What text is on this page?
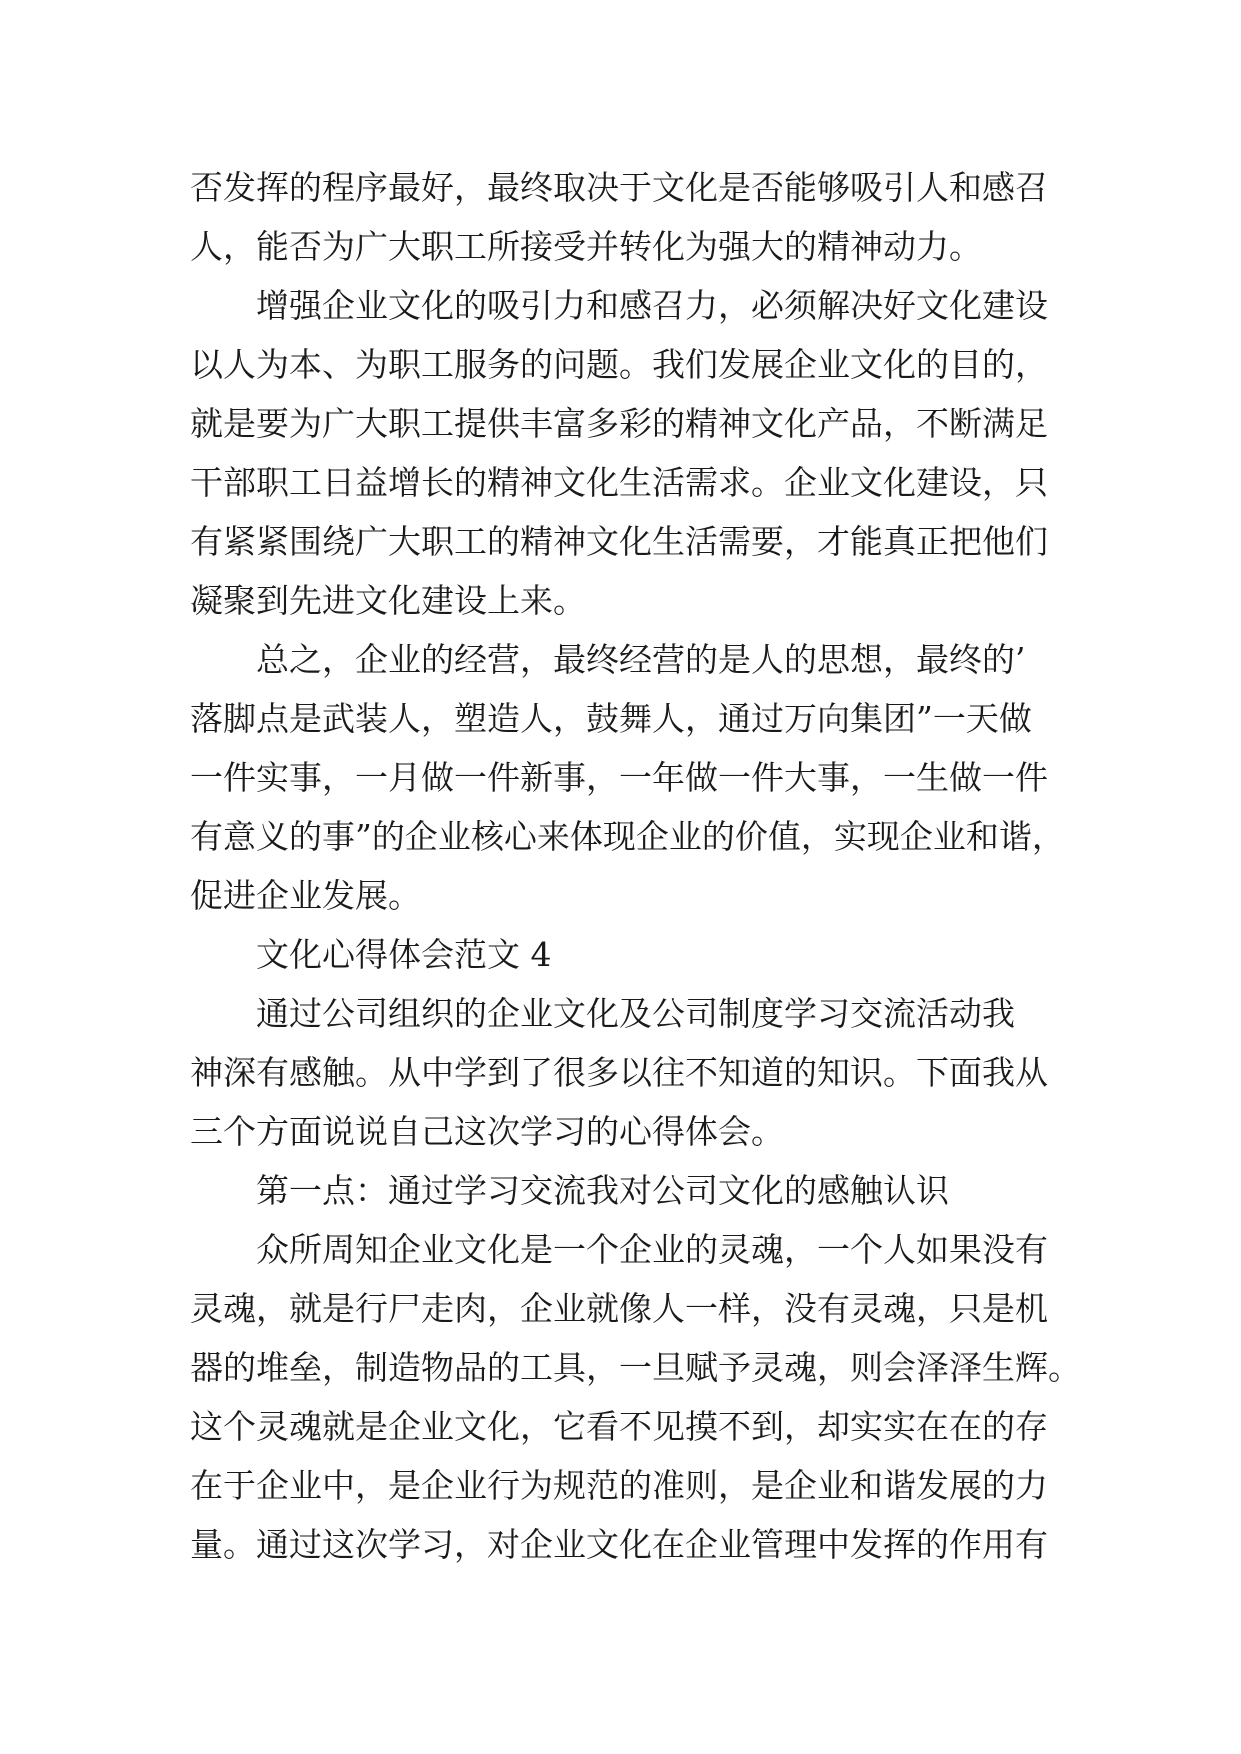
否发挥的程序最好，最终取决于文化是否能够吸引人和感召
人，能否为广大职工所接受并转化为强大的精神动力。
增强企业文化的吸引力和感召力，必须解决好文化建设
以人为本、为职工服务的问题。我们发展企业文化的目的，
就是要为广大职工提供丰富多彩的精神文化产品，不断满足
干部职工日益增长的精神文化生活需求。企业文化建设，只
有紧紧围绕广大职工的精神文化生活需要，才能真正把他们
凝聚到先进文化建设上来。
总之，企业的经营，最终经营的是人的思想，最终的’
落脚点是武装人，塑造人，鼓舞人，通过万向集团”一天做
一件实事，一月做一件新事，一年做一件大事，一生做一件
有意义的事”的企业核心来体现企业的价值，实现企业和谐，
促进企业发展。
文化心得体会范文 4
通过公司组织的企业文化及公司制度学习交流活动我
神深有感触。从中学到了很多以往不知道的知识。下面我从
三个方面说说自己这次学习的心得体会。
第一点：通过学习交流我对公司文化的感触认识
众所周知企业文化是一个企业的灵魂，一个人如果没有
灵魂，就是行尸走肉，企业就像人一样，没有灵魂，只是机
器的堆垒，制造物品的工具，一旦赋予灵魂，则会泽泽生辉。
这个灵魂就是企业文化，它看不见摸不到，却实实在在的存
在于企业中，是企业行为规范的准则，是企业和谐发展的力
量。通过这次学习，对企业文化在企业管理中发挥的作用有
